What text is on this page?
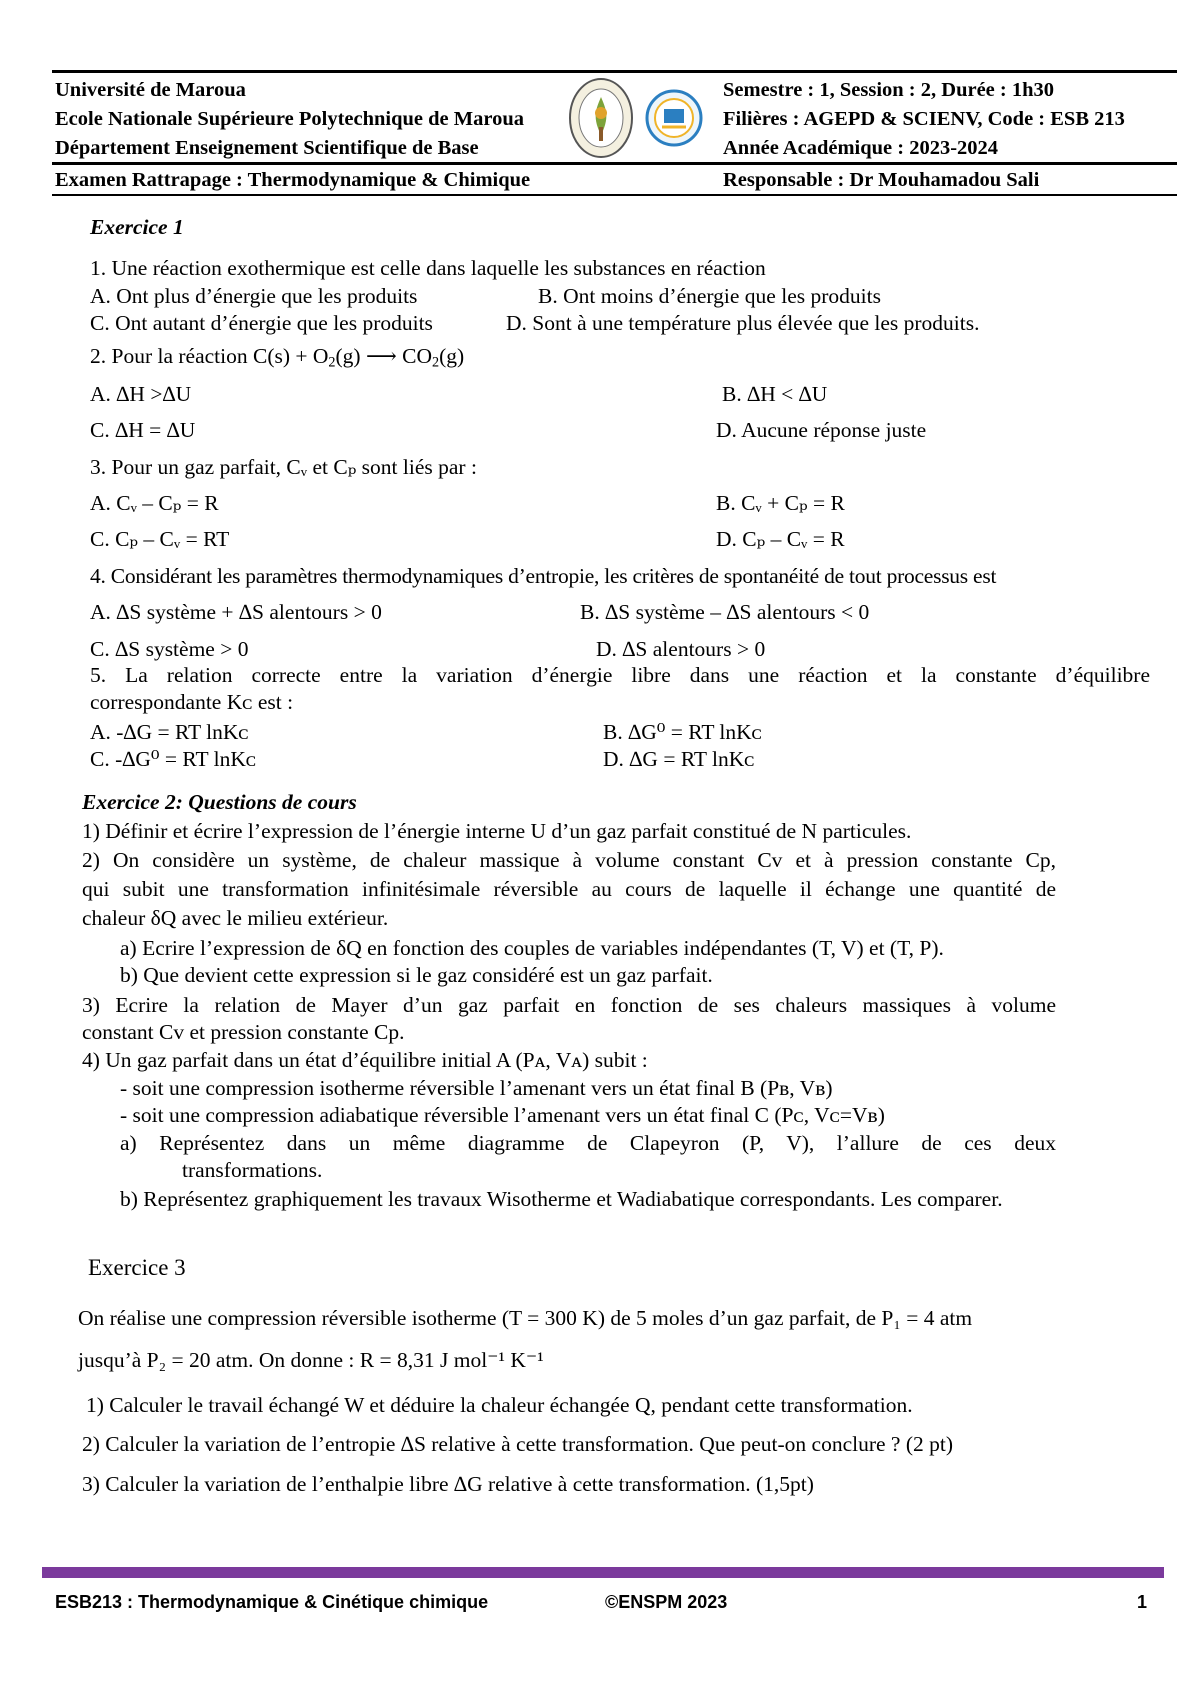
Université de Maroua
Ecole Nationale Supérieure Polytechnique de Maroua
Département Enseignement Scientifique de Base
Semestre : 1, Session : 2, Durée : 1h30
Filières : AGEPD & SCIENV, Code : ESB 213
Année Académique : 2023-2024
Examen Rattrapage : Thermodynamique & Chimique	Responsable : Dr Mouhamadou Sali
Exercice 1
1. Une réaction exothermique est celle dans laquelle les substances en réaction
A. Ont plus d’énergie que les produits	B. Ont moins d’énergie que les produits
C. Ont autant d’énergie que les produits	D. Sont à une température plus élevée que les produits.
2. Pour la réaction $C(s) + O_2(g)$ ⟶ $CO_2(g)$
A. ∆H >∆U	B. ∆H < ∆U
C. ∆H = ∆U	D. Aucune réponse juste
3. Pour un gaz parfait, Cᵥ et Cₚ sont liés par :
A. Cᵥ – Cₚ = R	B. Cᵥ + Cₚ = R
C. Cₚ – Cᵥ = RT	D. Cₚ – Cᵥ = R
4. Considérant les paramètres thermodynamiques d’entropie, les critères de spontanéité de tout processus est
A. ∆S système + ∆S alentours > 0	B. ∆S système – ∆S alentours < 0
C. ∆S système > 0	D. ∆S alentours > 0
5. La relation correcte entre la variation d’énergie libre dans une réaction et la constante d’équilibre
correspondante Kᴄ est :
A. -∆G = RT lnKᴄ	B. ∆G⁰ = RT lnKᴄ
C. -∆G⁰ = RT lnKᴄ	D. ∆G = RT lnKᴄ
Exercice 2: Questions de cours
1) Définir et écrire l’expression de l’énergie interne U d’un gaz parfait constitué de N particules.
2) On considère un système, de chaleur massique à volume constant Cv et à pression constante Cp,
qui subit une transformation infinitésimale réversible au cours de laquelle il échange une quantité de
chaleur δQ avec le milieu extérieur.
a) Ecrire l’expression de δQ en fonction des couples de variables indépendantes (T, V) et (T, P).
b) Que devient cette expression si le gaz considéré est un gaz parfait.
3) Ecrire la relation de Mayer d’un gaz parfait en fonction de ses chaleurs massiques à volume
constant Cv et pression constante Cp.
4) Un gaz parfait dans un état d’équilibre initial A (Pᴀ, Vᴀ) subit :
- soit une compression isotherme réversible l’amenant vers un état final B (Pʙ, Vʙ)
- soit une compression adiabatique réversible l’amenant vers un état final C (Pᴄ, Vᴄ=Vʙ)
a) Représentez dans un même diagramme de Clapeyron (P, V), l’allure de ces deux
transformations.
b) Représentez graphiquement les travaux Wisotherme et Wadiabatique correspondants. Les comparer.
Exercice 3
On réalise une compression réversible isotherme (T = 300 K) de 5 moles d’un gaz parfait, de P₁ = 4 atm
jusqu’à P₂ = 20 atm. On donne : R = 8,31 J mol⁻¹ K⁻¹
1) Calculer le travail échangé W et déduire la chaleur échangée Q, pendant cette transformation.
2) Calculer la variation de l’entropie ∆S relative à cette transformation. Que peut-on conclure ? (2 pt)
3) Calculer la variation de l’enthalpie libre ∆G relative à cette transformation. (1,5pt)
ESB213 : Thermodynamique & Cinétique chimique	©ENSPM 2023	1
